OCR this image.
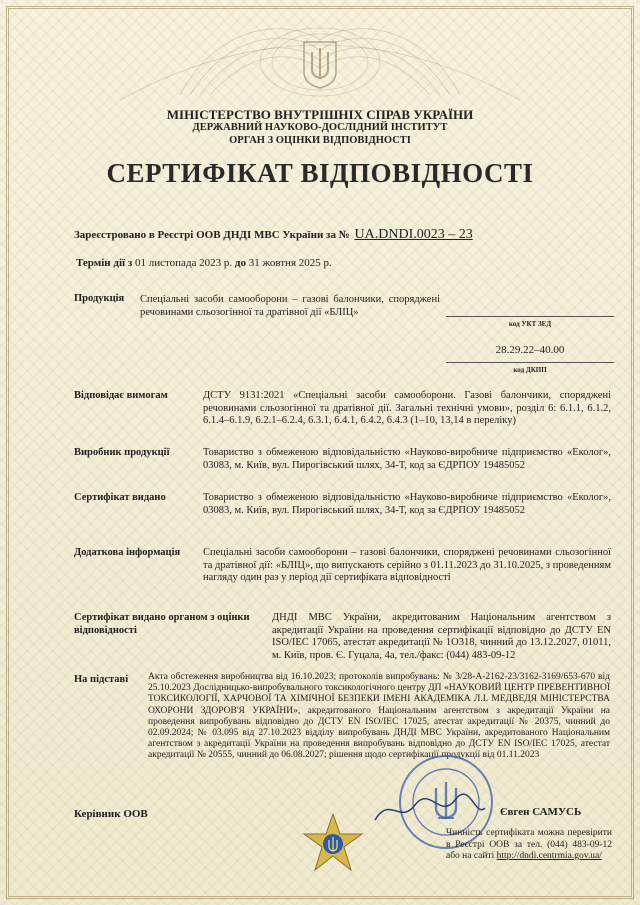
МІНІСТЕРСТВО ВНУТРІШНІХ СПРАВ УКРАЇНИ
ДЕРЖАВНИЙ НАУКОВО-ДОСЛІДНИЙ ІНСТИТУТ
ОРГАН З ОЦІНКИ ВІДПОВІДНОСТІ
СЕРТИФІКАТ ВІДПОВІДНОСТІ
Зареєстровано в Реєстрі ООВ ДНДІ МВС України за № UA.DNDI.0023 – 23
Термін дії з 01 листопада 2023 р. до 31 жовтня 2025 р.
Продукція Спеціальні засоби самооборони – газові балончики, споряджені речовинами сльозогінної та дратівної дії «БЛІЦ»
код УКТ ЗЕД
28.29.22–40.00
код ДКПП
Відповідає вимогам	ДСТУ 9131:2021 «Спеціальні засоби самооборони. Газові балончики, споряджені речовинами сльозогінної та дратівної дії. Загальні технічні умови», розділ 6: 6.1.1, 6.1.2, 6.1.4–6.1.9, 6.2.1–6.2.4, 6.3.1, 6.4.1, 6.4.2, 6.4.3 (1–10, 13,14 в переліку)
Виробник продукції	Товариство з обмеженою відповідальністю «Науково-виробниче підприємство «Еколог», 03083, м. Київ, вул. Пирогівський шлях, 34-Т, код за ЄДРПОУ 19485052
Сертифікат видано	Товариство з обмеженою відповідальністю «Науково-виробниче підприємство «Еколог», 03083, м. Київ, вул. Пирогівський шлях, 34-Т, код за ЄДРПОУ 19485052
Додаткова інформація Спеціальні засоби самооборони – газові балончики, споряджені речовинами сльозогінної та дратівної дії: «БЛІЦ», що випускають серійно з 01.11.2023 до 31.10.2025, з проведенням нагляду один раз у період дії сертифіката відповідності
Сертифікат видано органом з оцінки відповідності
ДНДІ МВС України, акредитованим Національним агентством з акредитації України на проведення сертифікації відповідно до ДСТУ EN ISO/IEC 17065, атестат акредитації № 1О318, чинний до 13.12.2027, 01011, м. Київ, пров. Є. Гуцала, 4а, тел./факс: (044) 483-09-12
На підставі Акта обстеження виробництва від 16.10.2023; протоколів випробувань: № 3/28-А-2162-23/3162-3169/653-670 від 25.10.2023 Дослідницько-випробувального токсикологічного центру ДП «НАУКОВИЙ ЦЕНТР ПРЕВЕНТИВНОЇ ТОКСИКОЛОГІЇ, ХАРЧОВОЇ ТА ХІМІЧНОЇ БЕЗПЕКИ ІМЕНІ АКАДЕМІКА Л.І. МЕДВЕДЯ МІНІСТЕРСТВА ОХОРОНИ ЗДОРОВ'Я УКРАЇНИ», акредитованого Національним агентством з акредитації України на проведення випробувань відповідно до ДСТУ EN ISO/IEC 17025, атестат акредитації № 20375, чинний до 02.09.2024; № 03.095 від 27.10.2023 відділу випробувань ДНДІ МВС України, акредитованого Національним агентством з акредитації України на проведення випробувань відповідно до ДСТУ EN ISO/IEC 17025, атестат акредитації № 20555, чинний до 06.08.2027; рішення щодо сертифікації продукції від 01.11.2023
Керівник ООВ	Євген САМУСЬ
Чинність сертифіката можна перевірити в Реєстрі ООВ за тел. (044) 483-09-12 або на сайті http://dndi.centrmia.gov.ua/
